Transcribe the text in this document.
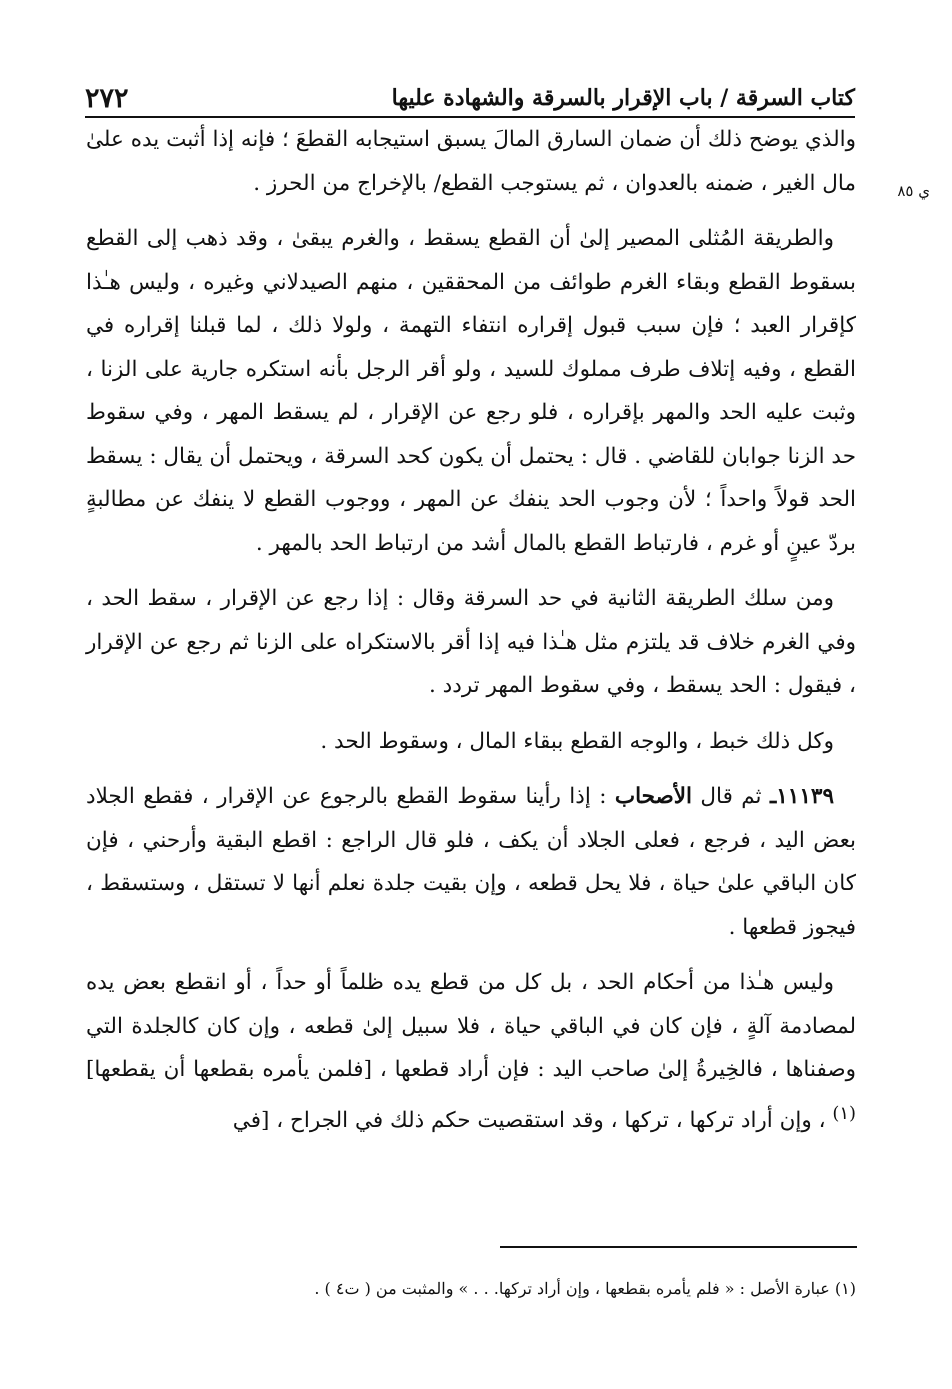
٢٧٢	كتاب السرقة / باب الإقرار بالسرقة والشهادة عليها
ي ٨٥

والذي يوضح ذلك أن ضمان السارق المالَ يسبق استيجابه القطعَ ؛ فإنه إذا أثبت يده علىٰ مال الغير ، ضمنه بالعدوان ، ثم يستوجب القطع/ بالإخراج من الحرز .

والطريقة المُثلى المصير إلىٰ أن القطع يسقط ، والغرم يبقىٰ ، وقد ذهب إلى القطع بسقوط القطع وبقاء الغرم طوائف من المحققين ، منهم الصيدلاني وغيره ، وليس هـٰذا كإقرار العبد ؛ فإن سبب قبول إقراره انتفاء التهمة ، ولولا ذلك ، لما قبلنا إقراره في القطع ، وفيه إتلاف طرف مملوك للسيد ، ولو أقر الرجل بأنه استكره جارية على الزنا ، وثبت عليه الحد والمهر بإقراره ، فلو رجع عن الإقرار ، لم يسقط المهر ، وفي سقوط حد الزنا جوابان للقاضي . قال : يحتمل أن يكون كحد السرقة ، ويحتمل أن يقال : يسقط الحد قولاً واحداً ؛ لأن وجوب الحد ينفك عن المهر ، ووجوب القطع لا ينفك عن مطالبةٍ بردّ عينٍ أو غرم ، فارتباط القطع بالمال أشد من ارتباط الحد بالمهر .

ومن سلك الطريقة الثانية في حد السرقة وقال : إذا رجع عن الإقرار ، سقط الحد ، وفي الغرم خلاف قد يلتزم مثل هـٰذا فيه إذا أقر بالاستكراه على الزنا ثم رجع عن الإقرار ، فيقول : الحد يسقط ، وفي سقوط المهر تردد .

وكل ذلك خبط ، والوجه القطع ببقاء المال ، وسقوط الحد .

١١١٣٩ـ ثم قال الأصحاب : إذا رأينا سقوط القطع بالرجوع عن الإقرار ، فقطع الجلاد بعض اليد ، فرجع ، فعلى الجلاد أن يكف ، فلو قال الراجع : اقطع البقية وأرحني ، فإن كان الباقي علىٰ حياة ، فلا يحل قطعه ، وإن بقيت جلدة نعلم أنها لا تستقل ، وستسقط ، فيجوز قطعها .

وليس هـٰذا من أحكام الحد ، بل كل من قطع يده ظلماً أو حداً ، أو انقطع بعض يده لمصادمة آلةٍ ، فإن كان في الباقي حياة ، فلا سبيل إلىٰ قطعه ، وإن كان كالجلدة التي وصفناها ، فالخِيرةُ إلىٰ صاحب اليد : فإن أراد قطعها ، [فلمن يأمره بقطعها أن يقطعها]$^{(١)}$ ، وإن أراد تركها ، تركها ، وقد استقصيت حكم ذلك في الجراح ، [في

(١) عبارة الأصل : « فلم يأمره بقطعها ، وإن أراد تركها. . . » والمثبت من ( ت٤ ) .
